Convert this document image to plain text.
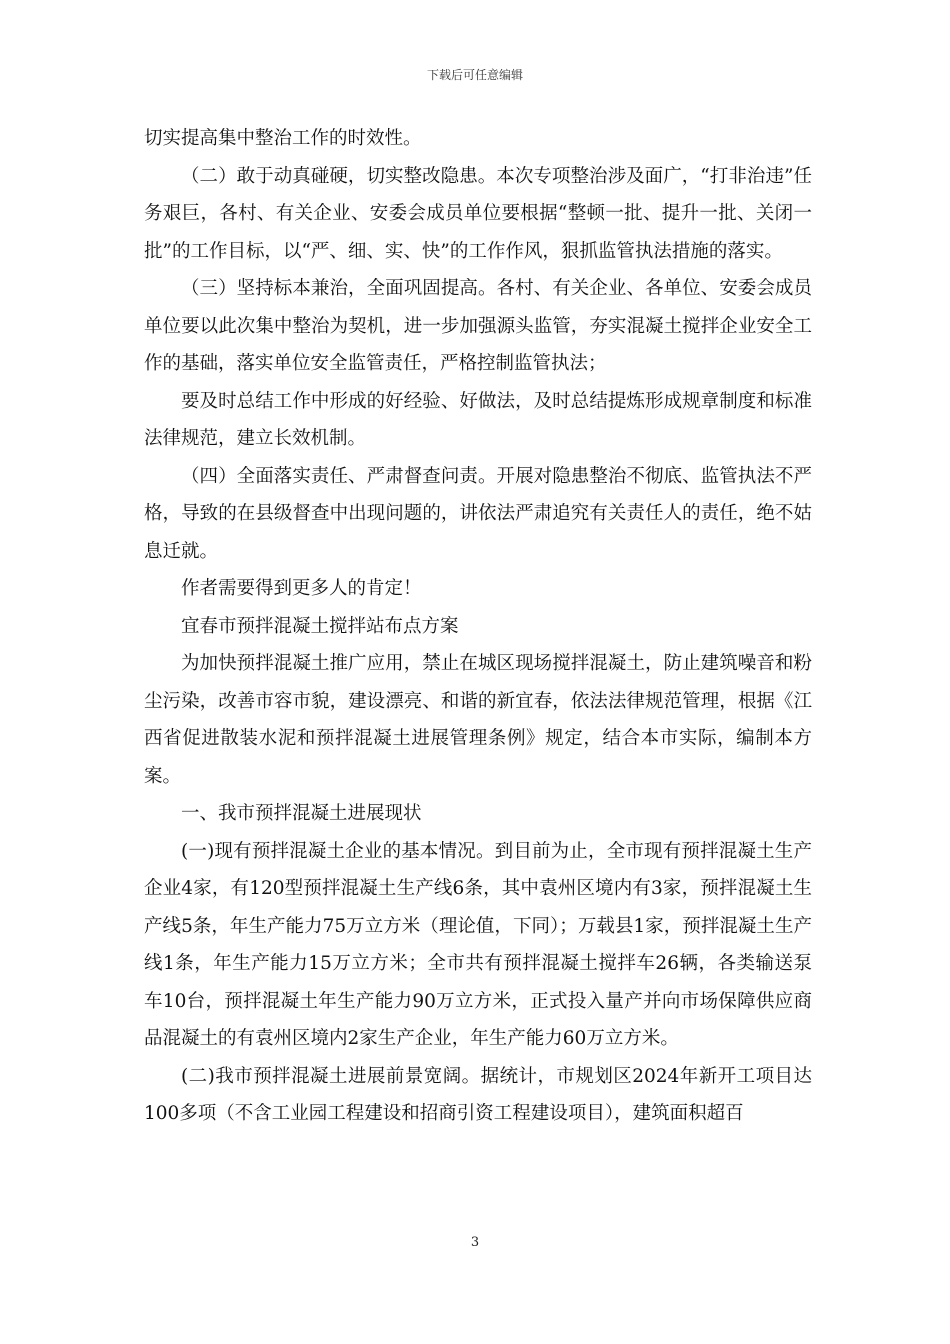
下载后可任意编辑

切实提高集中整治工作的时效性。

（二）敢于动真碰硬，切实整改隐患。本次专项整治涉及面广，“打非治违”任务艰巨，各村、有关企业、安委会成员单位要根据“整顿一批、提升一批、关闭一批”的工作目标，以“严、细、实、快”的工作作风，狠抓监管执法措施的落实。

（三）坚持标本兼治，全面巩固提高。各村、有关企业、各单位、安委会成员单位要以此次集中整治为契机，进一步加强源头监管，夯实混凝土搅拌企业安全工作的基础，落实单位安全监管责任，严格控制监管执法；

要及时总结工作中形成的好经验、好做法，及时总结提炼形成规章制度和标准法律规范，建立长效机制。

（四）全面落实责任、严肃督查问责。开展对隐患整治不彻底、监管执法不严格，导致的在县级督查中出现问题的，讲依法严肃追究有关责任人的责任，绝不姑息迁就。

作者需要得到更多人的肯定！

宜春市预拌混凝土搅拌站布点方案

为加快预拌混凝土推广应用，禁止在城区现场搅拌混凝土，防止建筑噪音和粉尘污染，改善市容市貌，建设漂亮、和谐的新宜春，依法法律规范管理，根据《江西省促进散装水泥和预拌混凝土进展管理条例》规定，结合本市实际，编制本方案。

一、我市预拌混凝土进展现状

(一)现有预拌混凝土企业的基本情况。到目前为止，全市现有预拌混凝土生产企业4家，有120型预拌混凝土生产线6条，其中袁州区境内有3家，预拌混凝土生产线5条，年生产能力75万立方米（理论值，下同）；万载县1家，预拌混凝土生产线1条，年生产能力15万立方米；全市共有预拌混凝土搅拌车26辆，各类输送泵车10台，预拌混凝土年生产能力90万立方米，正式投入量产并向市场保障供应商品混凝土的有袁州区境内2家生产企业，年生产能力60万立方米。

(二)我市预拌混凝土进展前景宽阔。据统计，市规划区2024年新开工项目达100多项（不含工业园工程建设和招商引资工程建设项目），建筑面积超百

3
